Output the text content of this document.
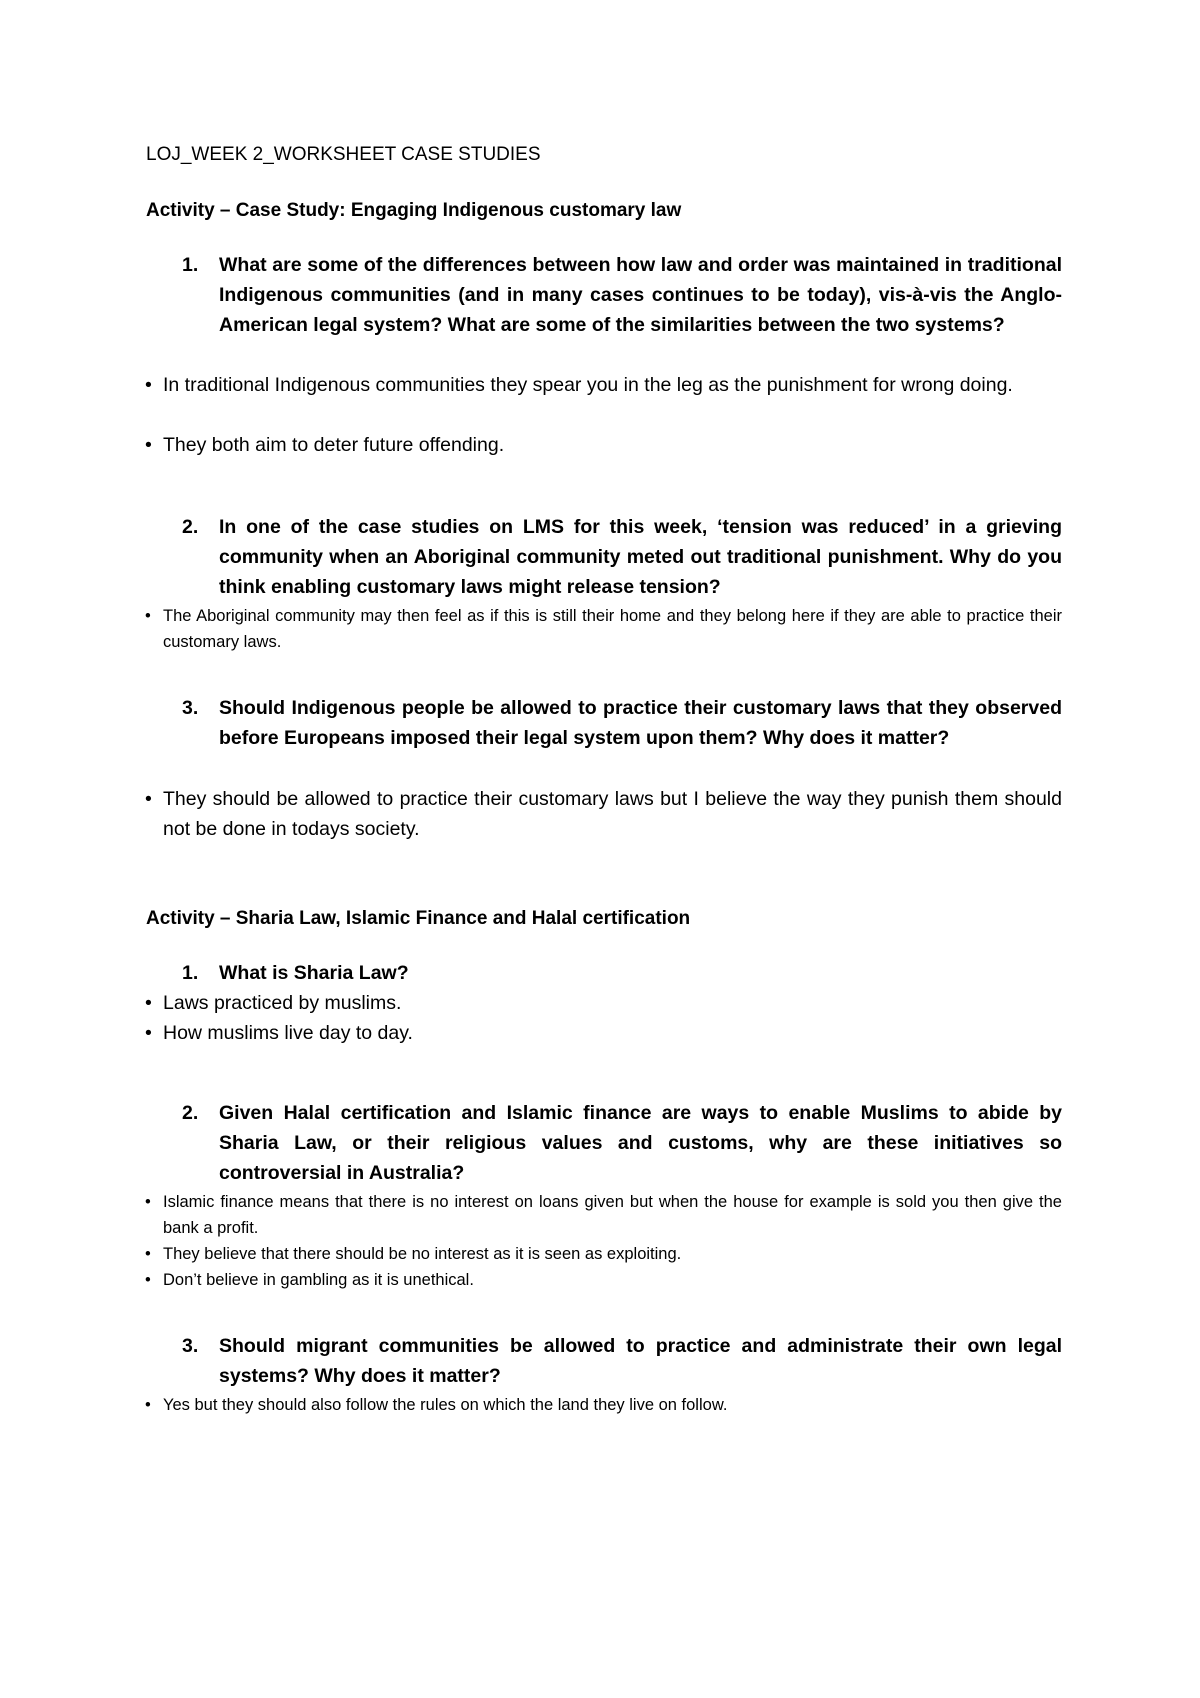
LOJ_WEEK 2_WORKSHEET CASE STUDIES
Activity – Case Study: Engaging Indigenous customary law
1. What are some of the differences between how law and order was maintained in traditional Indigenous communities (and in many cases continues to be today), vis-à-vis the Anglo-American legal system? What are some of the similarities between the two systems?
• In traditional Indigenous communities they spear you in the leg as the punishment for wrong doing.
• They both aim to deter future offending.
2. In one of the case studies on LMS for this week, ‘tension was reduced’ in a grieving community when an Aboriginal community meted out traditional punishment. Why do you think enabling customary laws might release tension?
• The Aboriginal community may then feel as if this is still their home and they belong here if they are able to practice their customary laws.
3. Should Indigenous people be allowed to practice their customary laws that they observed before Europeans imposed their legal system upon them? Why does it matter?
• They should be allowed to practice their customary laws but I believe the way they punish them should not be done in todays society.
Activity – Sharia Law, Islamic Finance and Halal certification
1. What is Sharia Law?
• Laws practiced by muslims.
• How muslims live day to day.
2. Given Halal certification and Islamic finance are ways to enable Muslims to abide by Sharia Law, or their religious values and customs, why are these initiatives so controversial in Australia?
• Islamic finance means that there is no interest on loans given but when the house for example is sold you then give the bank a profit.
• They believe that there should be no interest as it is seen as exploiting.
• Don’t believe in gambling as it is unethical.
3. Should migrant communities be allowed to practice and administrate their own legal systems? Why does it matter?
• Yes but they should also follow the rules on which the land they live on follow.
